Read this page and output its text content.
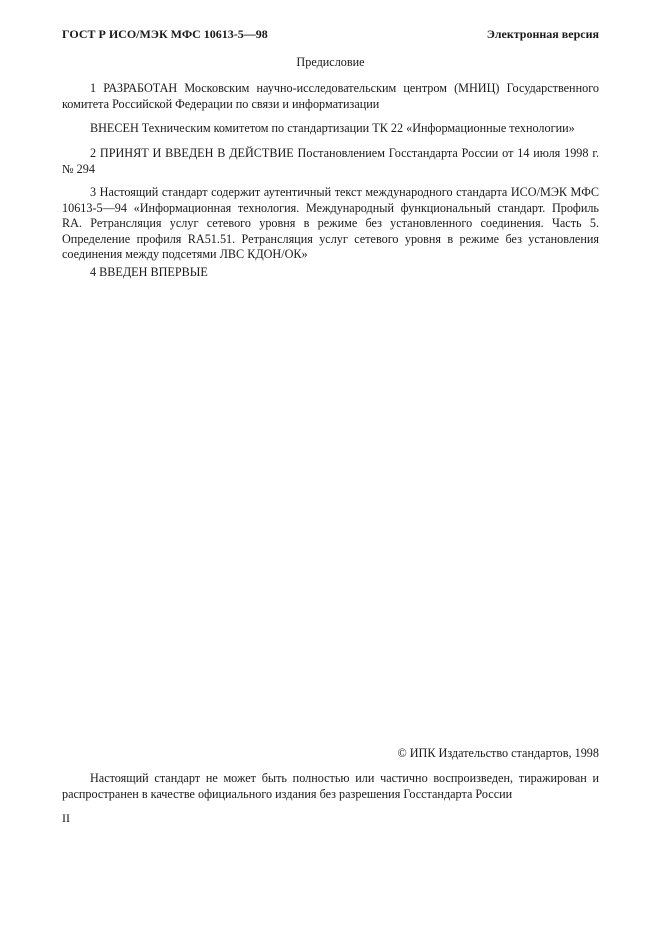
ГОСТ Р ИСО/МЭК МФС 10613-5—98	Электронная версия
Предисловие

1 РАЗРАБОТАН Московским научно-исследовательским центром (МНИЦ) Государственного комитета Российской Федерации по связи и информатизации

ВНЕСЕН Техническим комитетом по стандартизации ТК 22 «Информационные технологии»

2 ПРИНЯТ И ВВЕДЕН В ДЕЙСТВИЕ Постановлением Госстандарта России от 14 июля 1998 г. № 294

3 Настоящий стандарт содержит аутентичный текст международного стандарта ИСО/МЭК МФС 10613-5—94 «Информационная технология. Международный функциональный стандарт. Профиль RA. Ретрансляция услуг сетевого уровня в режиме без установленного соединения. Часть 5. Определение профиля RA51.51. Ретрансляция услуг сетевого уровня в режиме без установления соединения между подсетями ЛВС КДОН/ОК»

4 ВВЕДЕН ВПЕРВЫЕ

© ИПК Издательство стандартов, 1998

Настоящий стандарт не может быть полностью или частично воспроизведен, тиражирован и распространен в качестве официального издания без разрешения Госстандарта России

II
